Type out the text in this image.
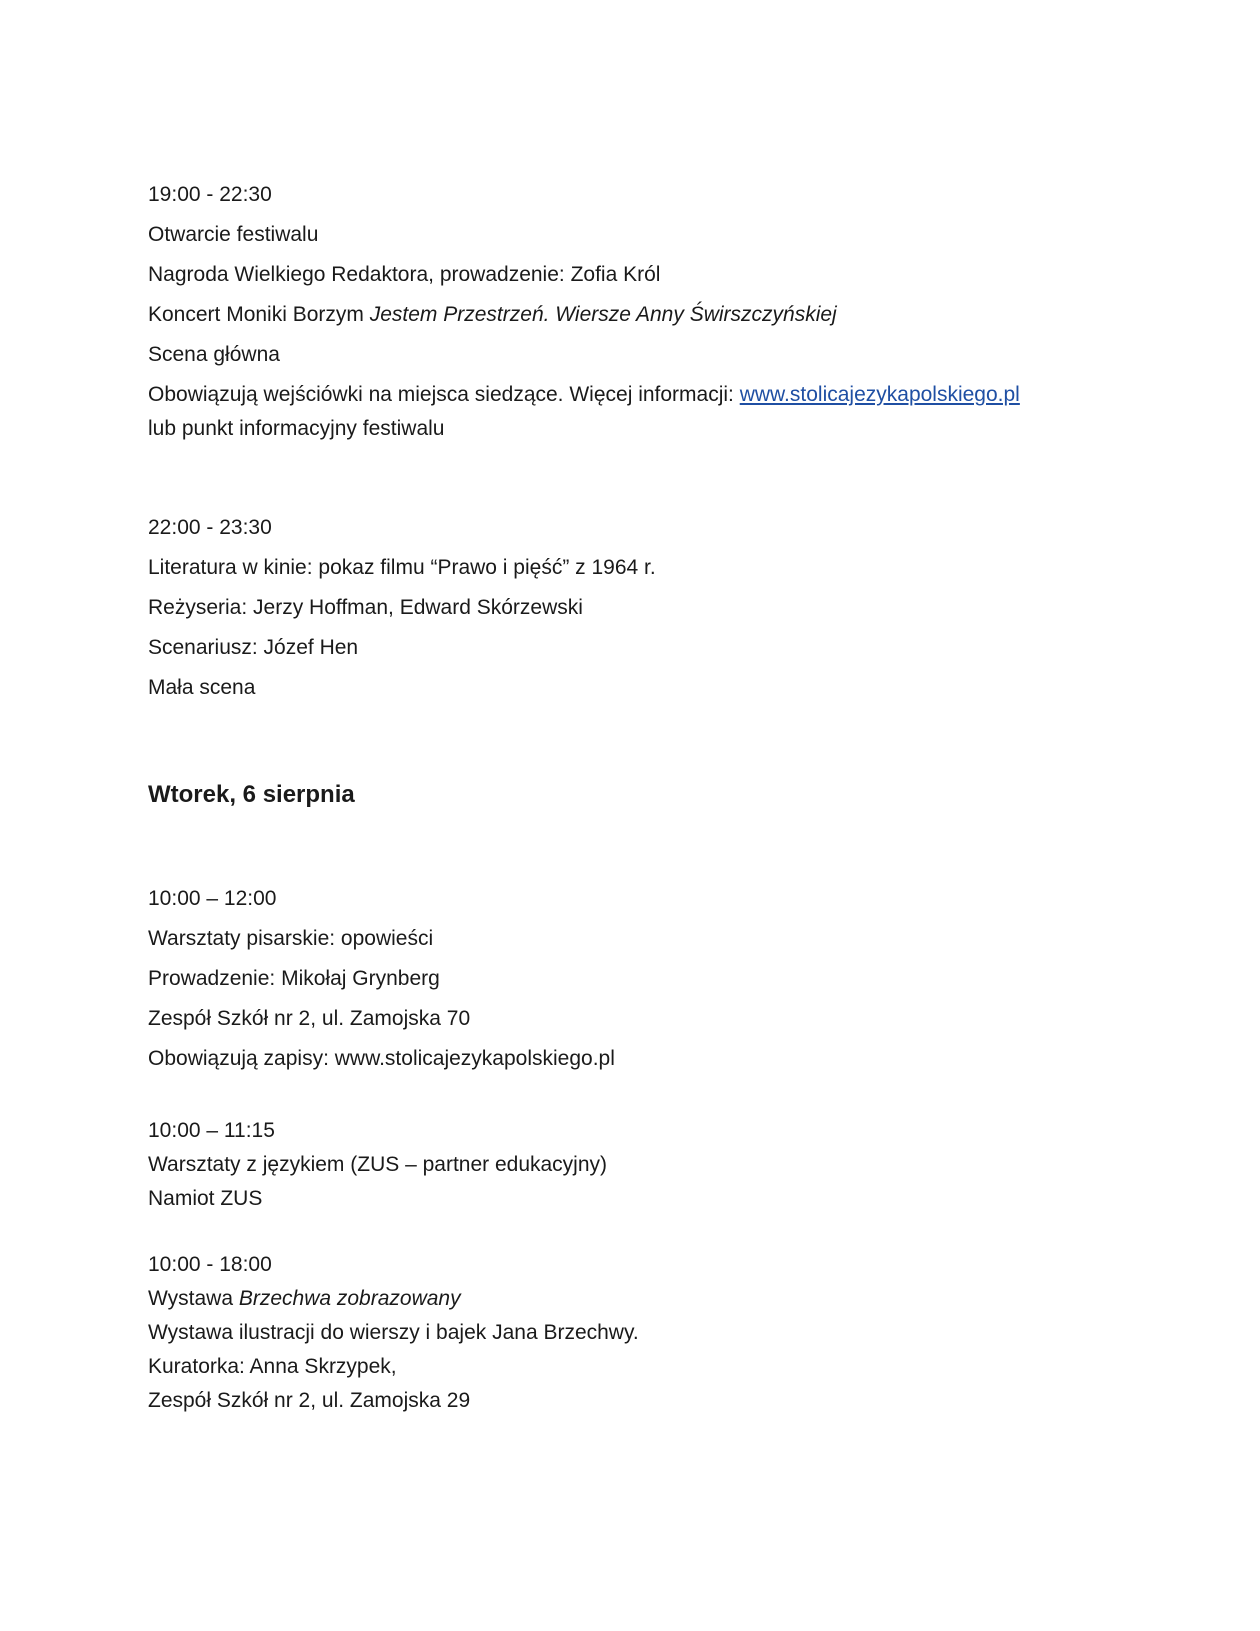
19:00 - 22:30
Otwarcie festiwalu
Nagroda Wielkiego Redaktora, prowadzenie: Zofia Król
Koncert Moniki Borzym Jestem Przestrzeń. Wiersze Anny Świrszczyńskiej
Scena główna
Obowiązują wejściówki na miejsca siedzące. Więcej informacji: www.stolicajezykapolskiego.pl
lub punkt informacyjny festiwalu
22:00 - 23:30
Literatura w kinie: pokaz filmu “Prawo i pięść” z 1964 r.
Reżyseria: Jerzy Hoffman, Edward Skórzewski
Scenariusz: Józef Hen
Mała scena
Wtorek, 6 sierpnia
10:00 – 12:00
Warsztaty pisarskie: opowieści
Prowadzenie: Mikołaj Grynberg
Zespół Szkół nr 2, ul. Zamojska 70
Obowiązują zapisy: www.stolicajezykapolskiego.pl
10:00 – 11:15
Warsztaty z językiem (ZUS – partner edukacyjny)
Namiot ZUS
10:00 - 18:00
Wystawa Brzechwa zobrazowany
Wystawa ilustracji do wierszy i bajek Jana Brzechwy.
Kuratorka: Anna Skrzypek,
Zespół Szkół nr 2, ul. Zamojska 29
